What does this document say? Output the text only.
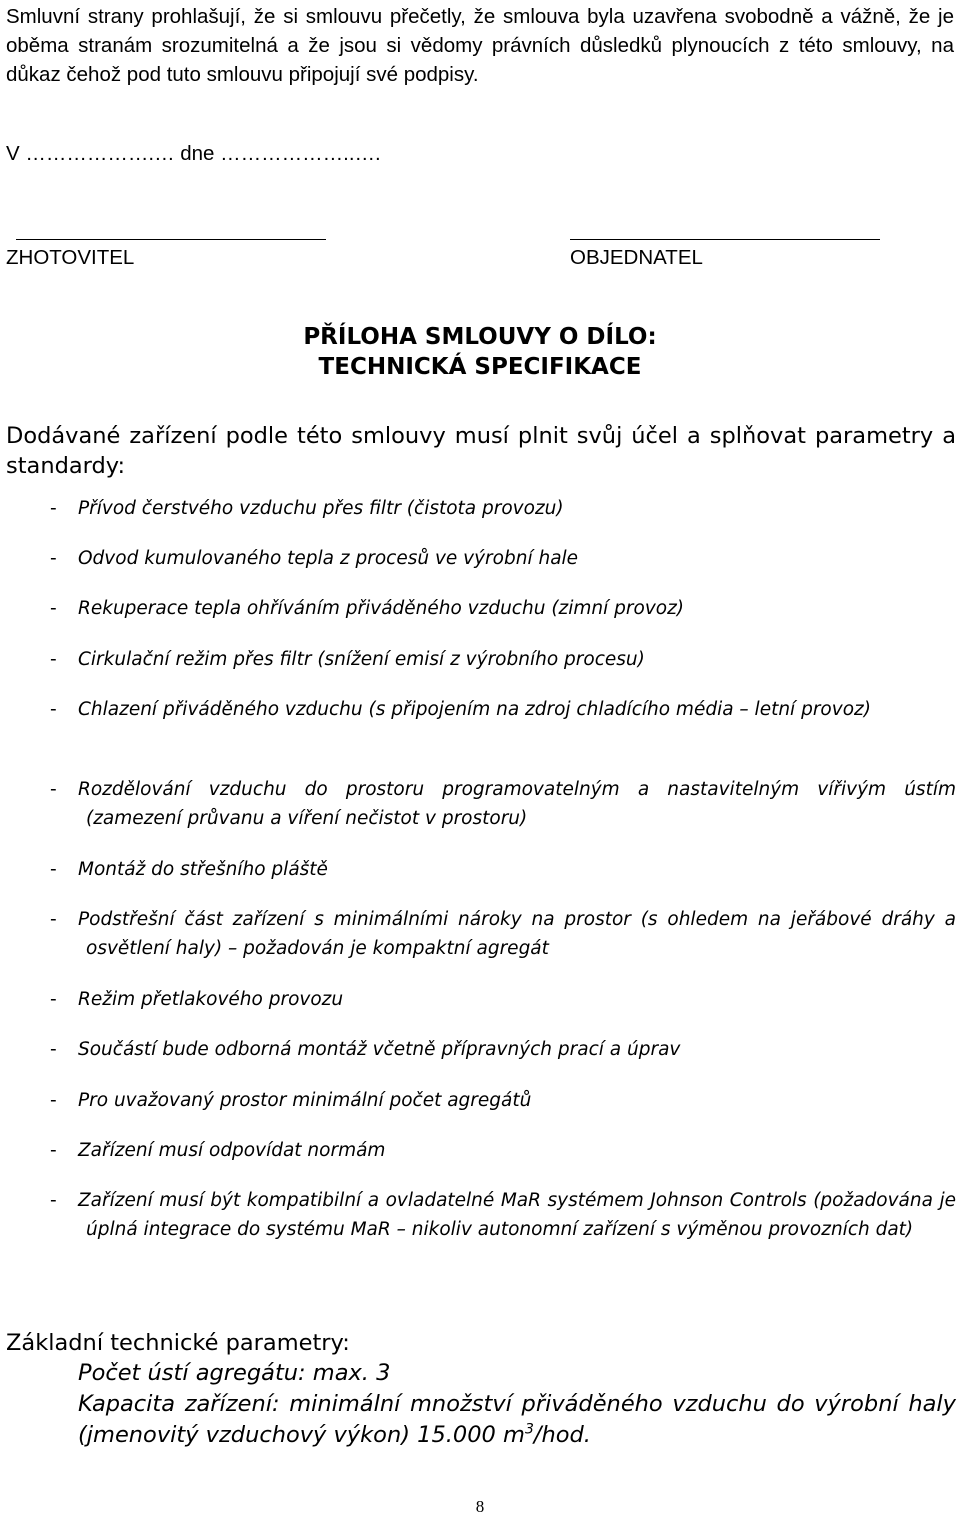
Smluvní strany prohlašují, že si smlouvu přečetly, že smlouva byla uzavřena svobodně a vážně, že je oběma stranám srozumitelná a že jsou si vědomy právních důsledků plynoucích z této smlouvy, na důkaz čehož pod tuto smlouvu připojují své podpisy.
V ……………….… dne ………………..….
ZHOTOVITEL	OBJEDNATEL
PŘÍLOHA SMLOUVY O DÍLO:
TECHNICKÁ SPECIFIKACE
Dodávané zařízení podle této smlouvy musí plnit svůj účel a splňovat parametry a standardy:
- Přívod čerstvého vzduchu přes filtr (čistota provozu)
- Odvod kumulovaného tepla z procesů ve výrobní hale
- Rekuperace tepla ohříváním přiváděného vzduchu (zimní provoz)
- Cirkulační režim přes filtr (snížení emisí z výrobního procesu)
- Chlazení přiváděného vzduchu (s připojením na zdroj chladícího média – letní provoz)
- Rozdělování vzduchu do prostoru programovatelným a nastavitelným vířivým ústím (zamezení průvanu a víření nečistot v prostoru)
- Montáž do střešního pláště
- Podstřešní část zařízení s minimálními nároky na prostor (s ohledem na jeřábové dráhy a osvětlení haly) – požadován je kompaktní agregát
- Režim přetlakového provozu
- Součástí bude odborná montáž včetně přípravných prací a úprav
- Pro uvažovaný prostor minimální počet agregátů
- Zařízení musí odpovídat normám
- Zařízení musí být kompatibilní a ovladatelné MaR systémem Johnson Controls (požadována je úplná integrace do systému MaR – nikoliv autonomní zařízení s výměnou provozních dat)
Základní technické parametry:
Počet ústí agregátu: max. 3
Kapacita zařízení: minimální množství přiváděného vzduchu do výrobní haly (jmenovitý vzduchový výkon) 15.000 $m^3$/hod.
8
